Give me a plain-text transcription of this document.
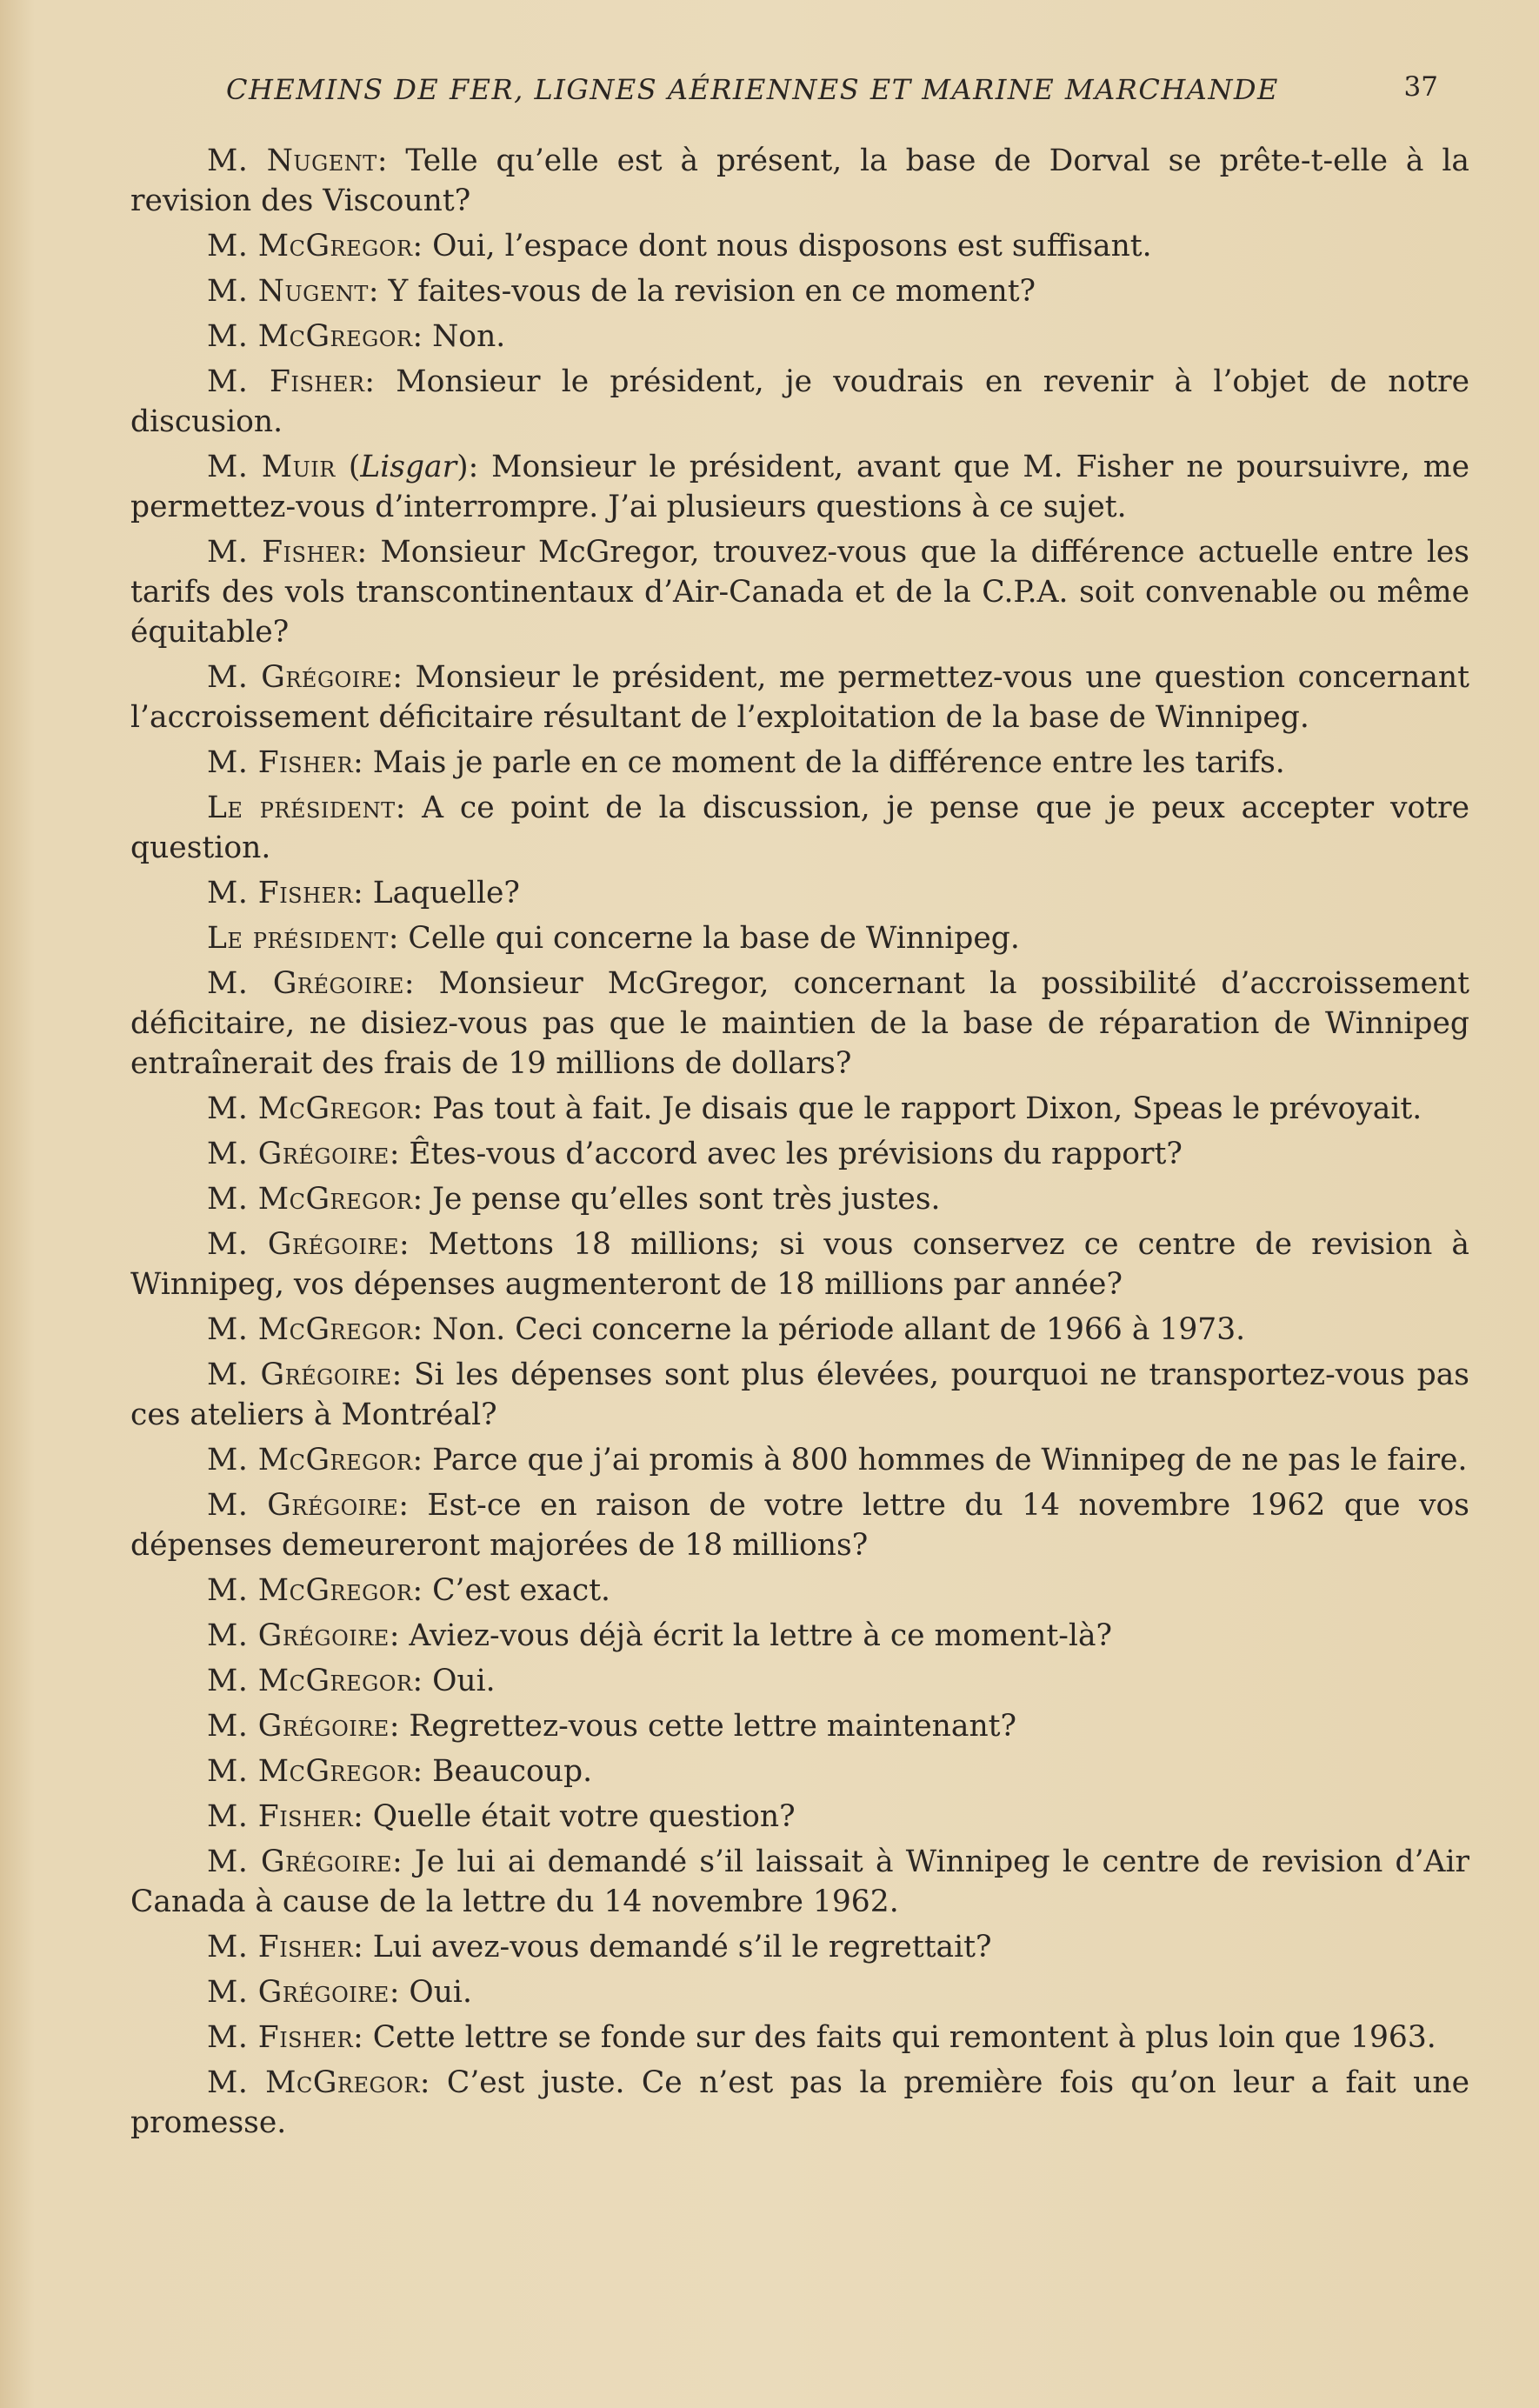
CHEMINS DE FER, LIGNES AÉRIENNES ET MARINE MARCHANDE	37

M. Nugent: Telle qu’elle est à présent, la base de Dorval se prête-t-elle à la revision des Viscount?

M. McGregor: Oui, l’espace dont nous disposons est suffisant.

M. Nugent: Y faites-vous de la revision en ce moment?

M. McGregor: Non.

M. Fisher: Monsieur le président, je voudrais en revenir à l’objet de notre discusion.

M. Muir (Lisgar): Monsieur le président, avant que M. Fisher ne poursuivre, me permettez-vous d’interrompre. J’ai plusieurs questions à ce sujet.

M. Fisher: Monsieur McGregor, trouvez-vous que la différence actuelle entre les tarifs des vols transcontinentaux d’Air-Canada et de la C.P.A. soit convenable ou même équitable?

M. Grégoire: Monsieur le président, me permettez-vous une question concernant l’accroissement déficitaire résultant de l’exploitation de la base de Winnipeg.

M. Fisher: Mais je parle en ce moment de la différence entre les tarifs.

Le président: A ce point de la discussion, je pense que je peux accepter votre question.

M. Fisher: Laquelle?

Le président: Celle qui concerne la base de Winnipeg.

M. Grégoire: Monsieur McGregor, concernant la possibilité d’accroissement déficitaire, ne disiez-vous pas que le maintien de la base de réparation de Winnipeg entraînerait des frais de 19 millions de dollars?

M. McGregor: Pas tout à fait. Je disais que le rapport Dixon, Speas le prévoyait.

M. Grégoire: Êtes-vous d’accord avec les prévisions du rapport?

M. McGregor: Je pense qu’elles sont très justes.

M. Grégoire: Mettons 18 millions; si vous conservez ce centre de revision à Winnipeg, vos dépenses augmenteront de 18 millions par année?

M. McGregor: Non. Ceci concerne la période allant de 1966 à 1973.

M. Grégoire: Si les dépenses sont plus élevées, pourquoi ne transportez-vous pas ces ateliers à Montréal?

M. McGregor: Parce que j’ai promis à 800 hommes de Winnipeg de ne pas le faire.

M. Grégoire: Est-ce en raison de votre lettre du 14 novembre 1962 que vos dépenses demeureront majorées de 18 millions?

M. McGregor: C’est exact.

M. Grégoire: Aviez-vous déjà écrit la lettre à ce moment-là?

M. McGregor: Oui.

M. Grégoire: Regrettez-vous cette lettre maintenant?

M. McGregor: Beaucoup.

M. Fisher: Quelle était votre question?

M. Grégoire: Je lui ai demandé s’il laissait à Winnipeg le centre de revision d’Air Canada à cause de la lettre du 14 novembre 1962.

M. Fisher: Lui avez-vous demandé s’il le regrettait?

M. Grégoire: Oui.

M. Fisher: Cette lettre se fonde sur des faits qui remontent à plus loin que 1963.

M. McGregor: C’est juste. Ce n’est pas la première fois qu’on leur a fait une promesse.
